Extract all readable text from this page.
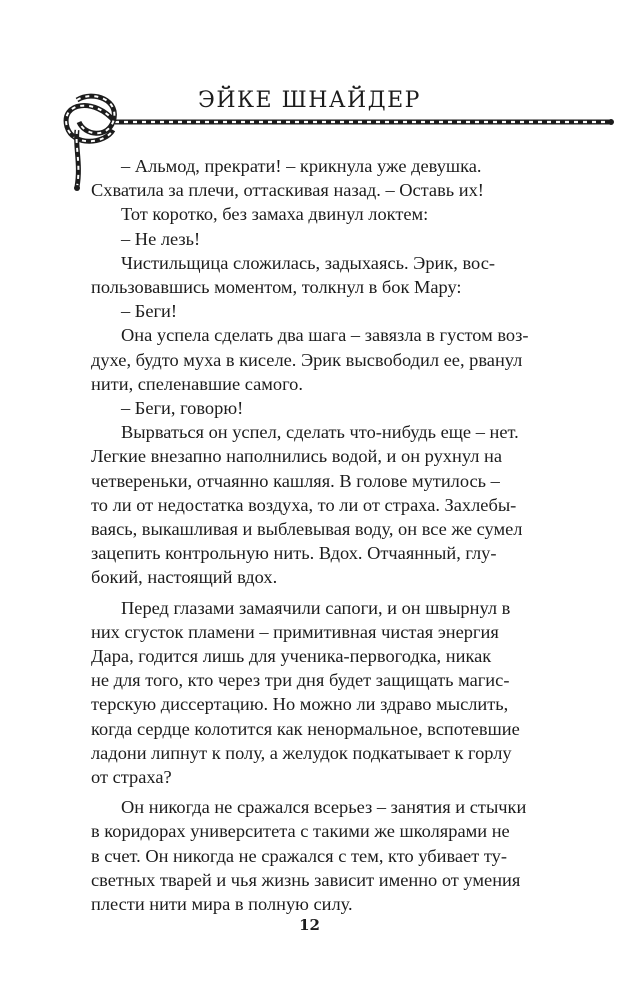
ЭЙКЕ ШНАЙДЕР

– Альмод, прекрати! – крикнула уже девушка.
Схватила за плечи, оттаскивая назад. – Оставь их!

Тот коротко, без замаха двинул локтем:

– Не лезь!

Чистильщица сложилась, задыхаясь. Эрик, вос-
пользовавшись моментом, толкнул в бок Мару:

– Беги!

Она успела сделать два шага – завязла в густом воз-
духе, будто муха в киселе. Эрик высвободил ее, рванул
нити, спеленавшие самого.

– Беги, говорю!

Вырваться он успел, сделать что-нибудь еще – нет.
Легкие внезапно наполнились водой, и он рухнул на
четвереньки, отчаянно кашляя. В голове мутилось –
то ли от недостатка воздуха, то ли от страха. Захлебы-
ваясь, выкашливая и выблевывая воду, он все же сумел
зацепить контрольную нить. Вдох. Отчаянный, глу-
бокий, настоящий вдох.

Перед глазами замаячили сапоги, и он швырнул в
них сгусток пламени – примитивная чистая энергия
Дара, годится лишь для ученика-первогодка, никак
не для того, кто через три дня будет защищать магис-
терскую диссертацию. Но можно ли здраво мыслить,
когда сердце колотится как ненормальное, вспотевшие
ладони липнут к полу, а желудок подкатывает к горлу
от страха?

Он никогда не сражался всерьез – занятия и стычки
в коридорах университета с такими же школярами не
в счет. Он никогда не сражался с тем, кто убивает ту-
светных тварей и чья жизнь зависит именно от умения
плести нити мира в полную силу.

12
